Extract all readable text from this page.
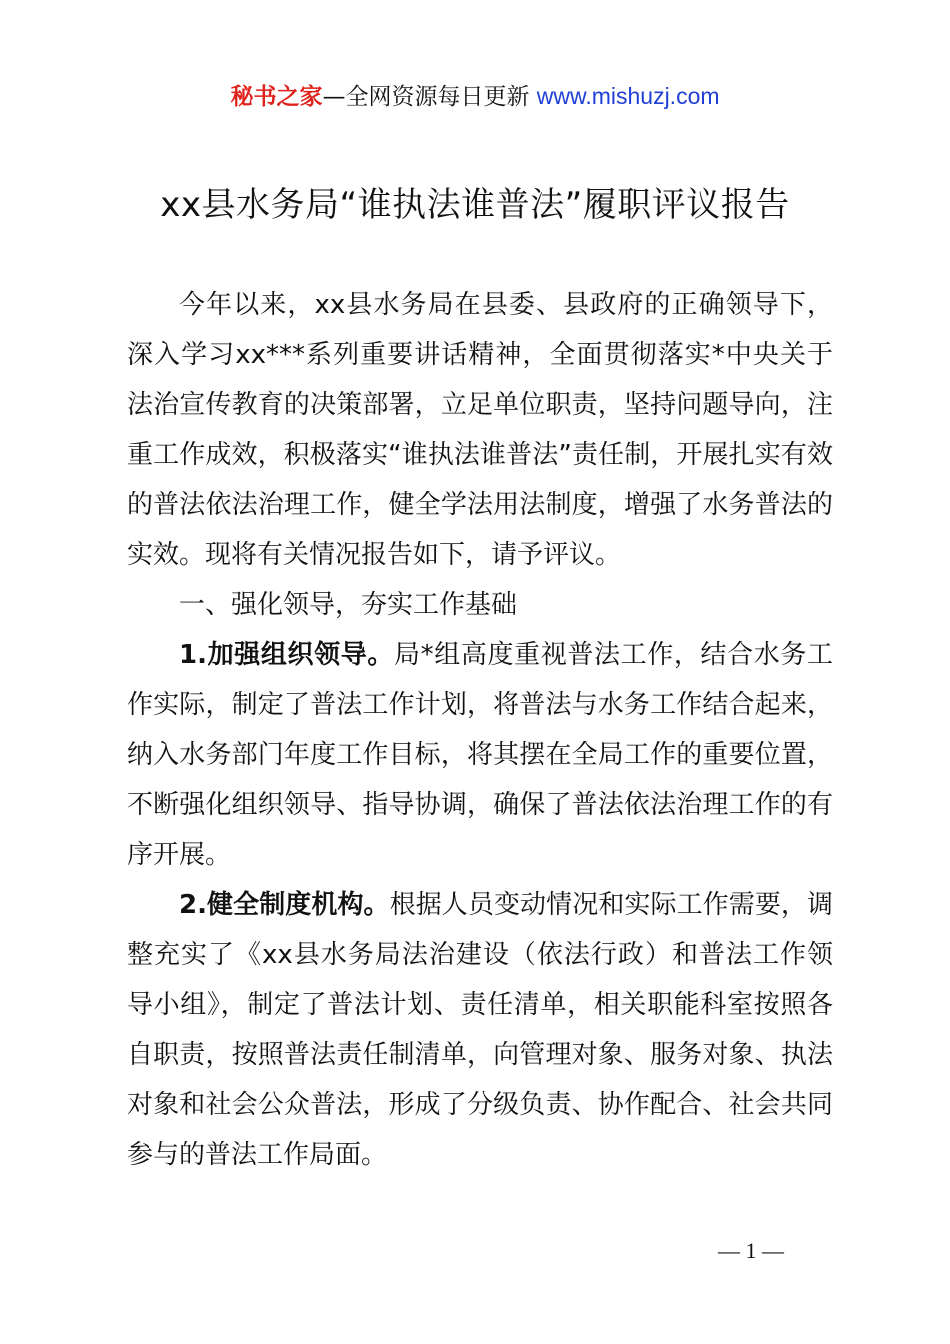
秘书之家—全网资源每日更新 www.mishuzj.com
xx县水务局“谁执法谁普法”履职评议报告

今年以来，xx县水务局在县委、县政府的正确领导下，深入学习xx***系列重要讲话精神，全面贯彻落实*中央关于法治宣传教育的决策部署，立足单位职责，坚持问题导向，注重工作成效，积极落实“谁执法谁普法”责任制，开展扎实有效的普法依法治理工作，健全学法用法制度，增强了水务普法的实效。现将有关情况报告如下，请予评议。

一、强化领导，夯实工作基础

1.加强组织领导。局*组高度重视普法工作，结合水务工作实际，制定了普法工作计划，将普法与水务工作结合起来，纳入水务部门年度工作目标，将其摆在全局工作的重要位置，不断强化组织领导、指导协调，确保了普法依法治理工作的有序开展。

2.健全制度机构。根据人员变动情况和实际工作需要，调整充实了《xx县水务局法治建设（依法行政）和普法工作领导小组》，制定了普法计划、责任清单，相关职能科室按照各自职责，按照普法责任制清单，向管理对象、服务对象、执法对象和社会公众普法，形成了分级负责、协作配合、社会共同参与的普法工作局面。

— 1 —
